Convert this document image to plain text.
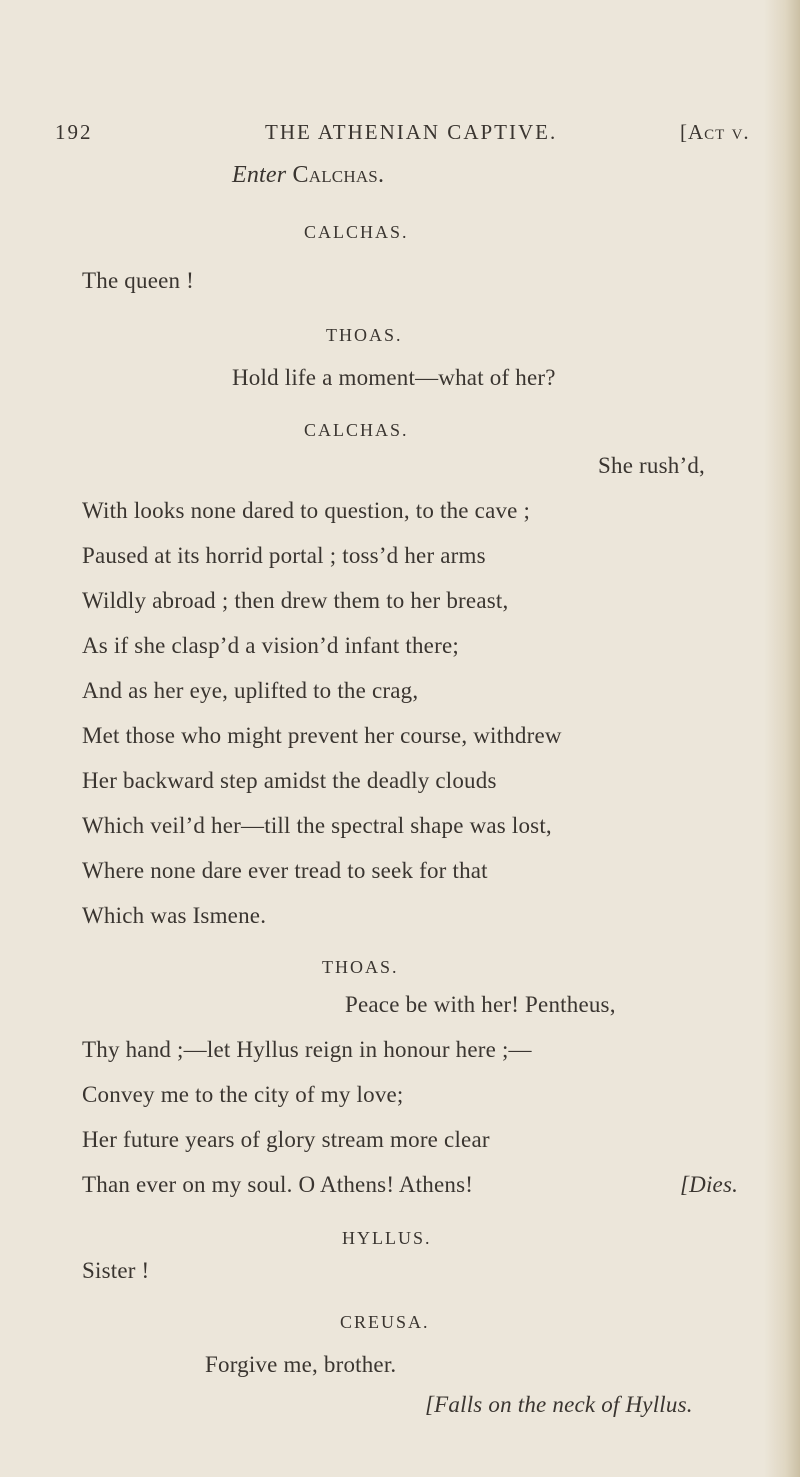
192	THE ATHENIAN CAPTIVE.	[Act v.
Enter Calchas.
CALCHAS.
The queen !
THOAS.
Hold life a moment—what of her?
CALCHAS.
She rush’d,
With looks none dared to question, to the cave ;
Paused at its horrid portal ; toss’d her arms
Wildly abroad ; then drew them to her breast,
As if she clasp’d a vision’d infant there;
And as her eye, uplifted to the crag,
Met those who might prevent her course, withdrew
Her backward step amidst the deadly clouds
Which veil’d her—till the spectral shape was lost,
Where none dare ever tread to seek for that
Which was Ismene.
THOAS.
Peace be with her! Pentheus,
Thy hand ;—let Hyllus reign in honour here ;—
Convey me to the city of my love;
Her future years of glory stream more clear
Than ever on my soul. O Athens! Athens!	[Dies.
HYLLUS.
Sister !
CREUSA.
Forgive me, brother.
[Falls on the neck of Hyllus.
